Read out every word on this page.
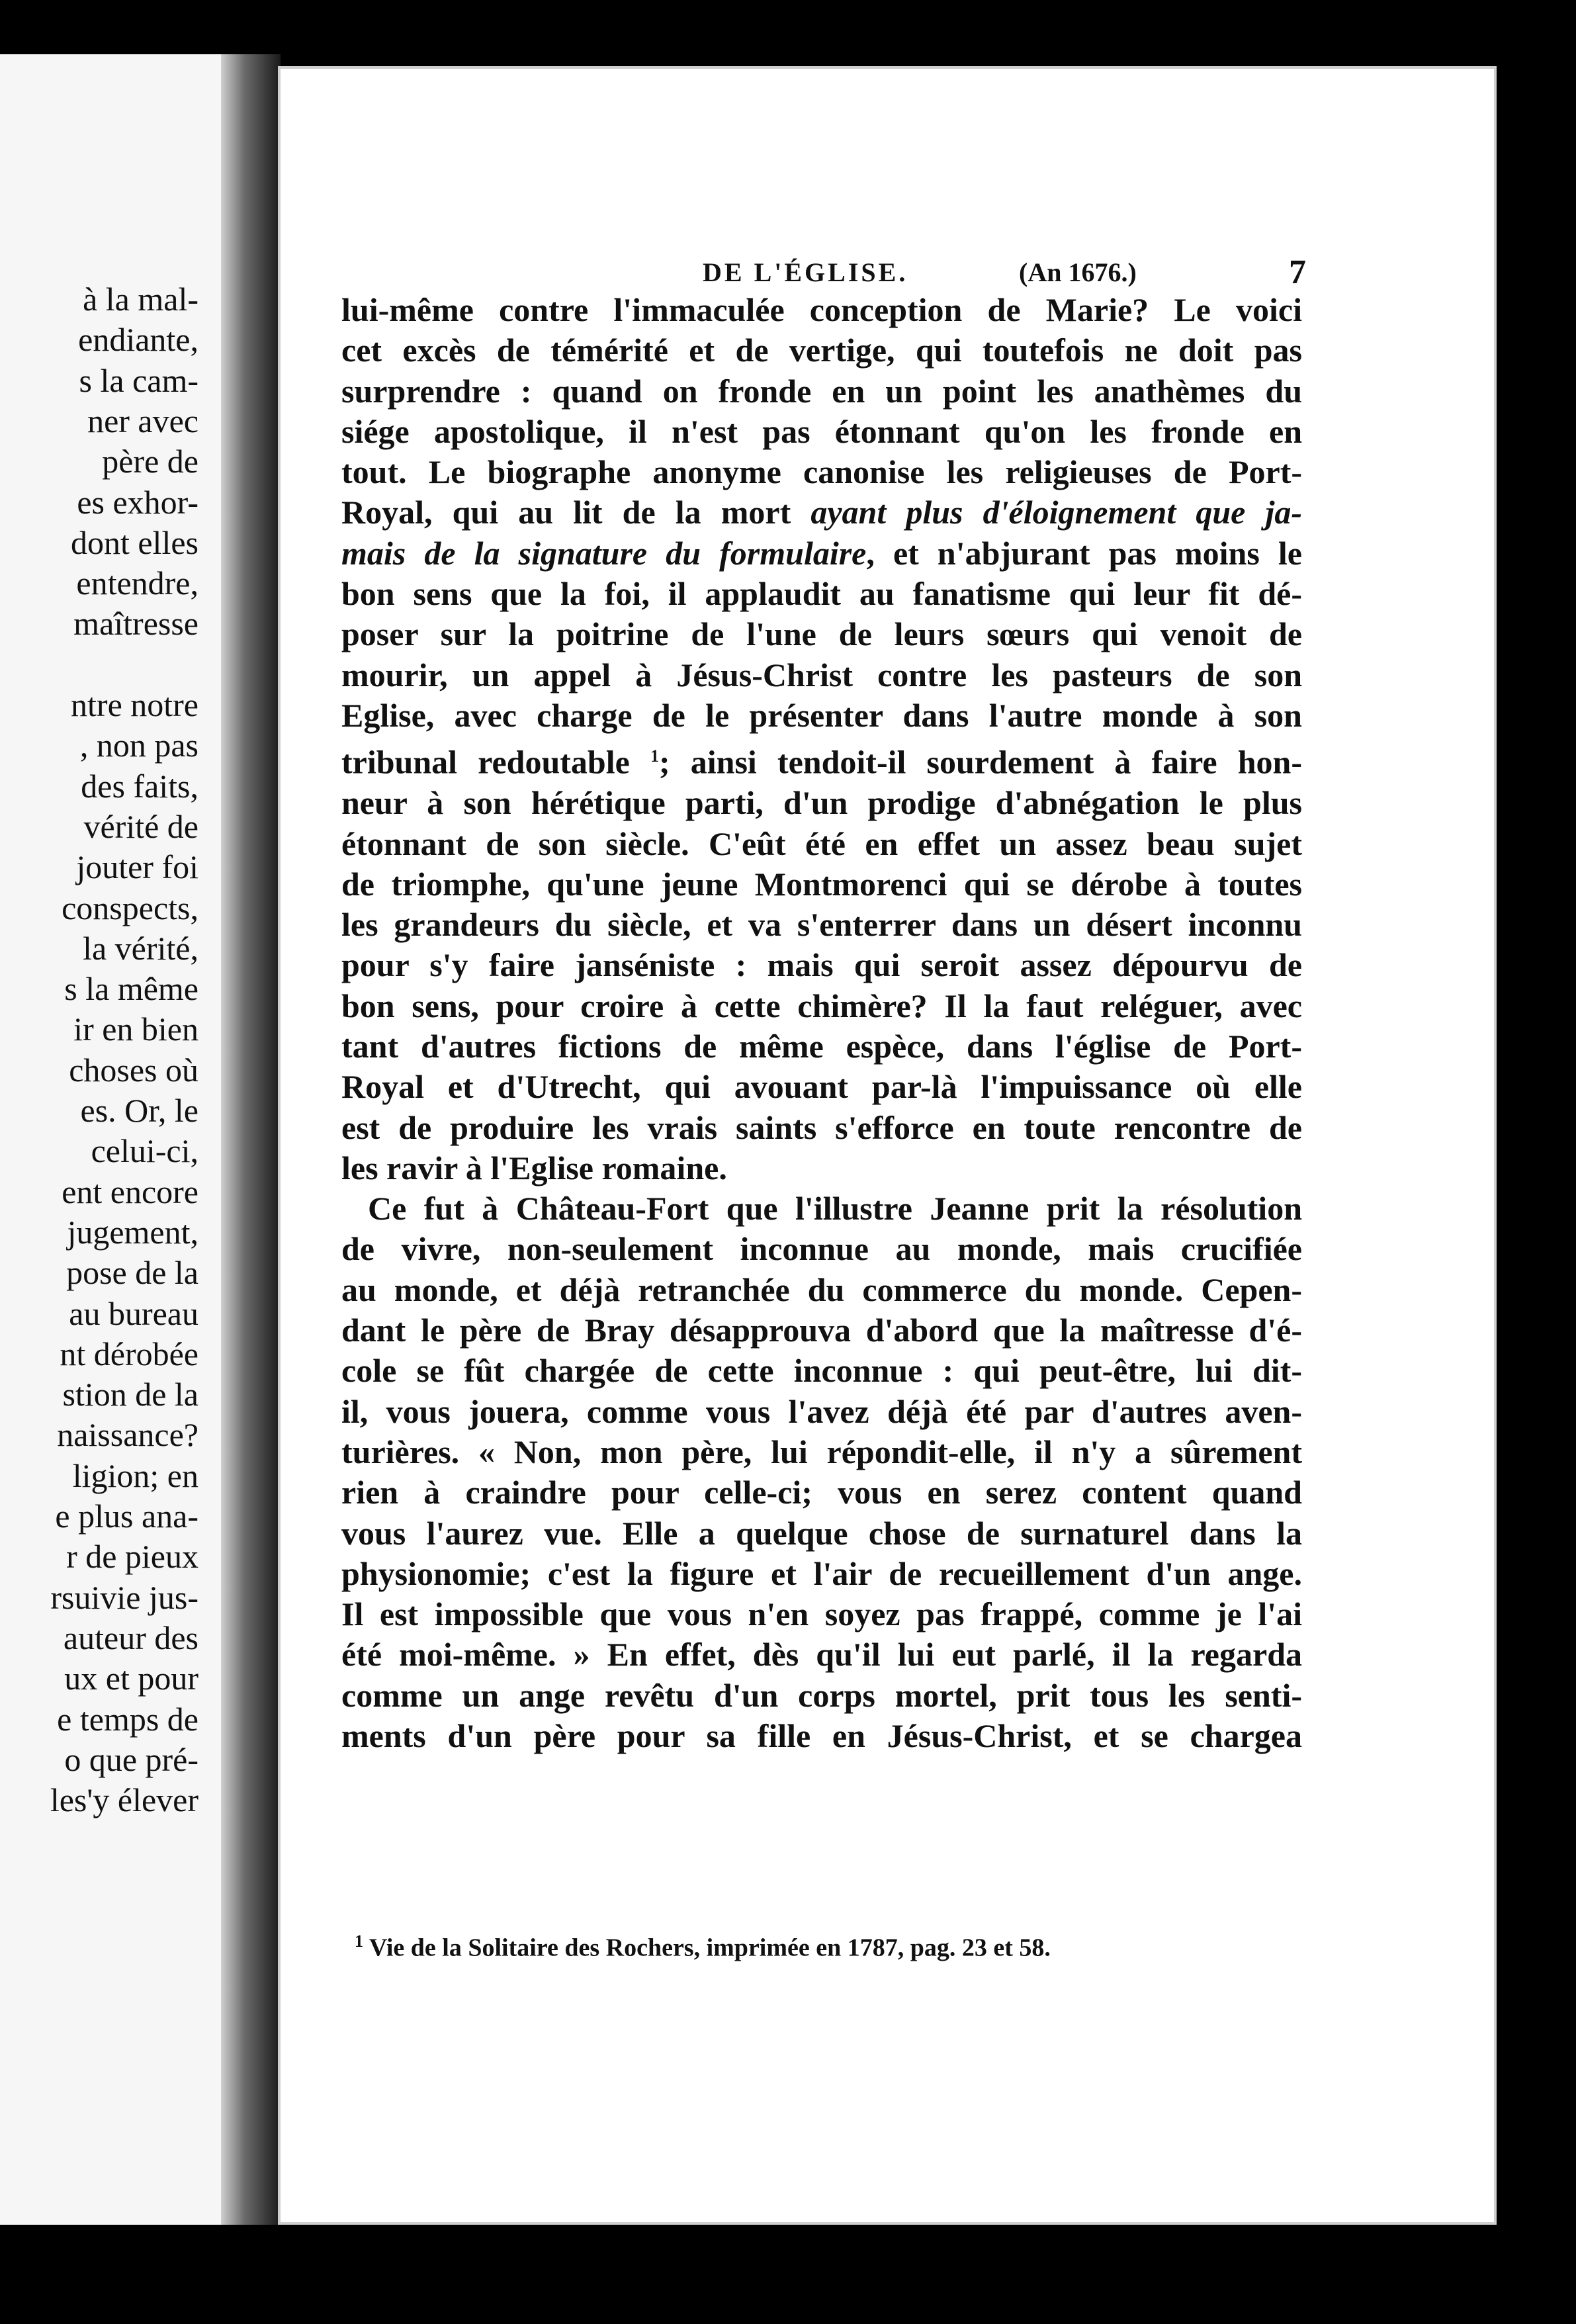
à la mal-
endiante,
s la cam-
ner avec
père de
es exhor-
dont elles
entendre,
maîtresse
ntre notre
, non pas
des faits,
vérité de
jouter foi
conspects,
la vérité,
s la même
ir en bien
choses où
es. Or, le
celui-ci,
ent encore
jugement,
pose de la
au bureau
nt dérobée
stion de la
naissance?
ligion; en
e plus ana-
r de pieux
rsuivie jus-
auteur des
ux et pour
e temps de
o que pré-
les'y élever
DE L'ÉGLISE.	(An 1676.)	7
lui-même contre l'immaculée conception de Marie? Le voici
cet excès de témérité et de vertige, qui toutefois ne doit pas
surprendre : quand on fronde en un point les anathèmes du
siége apostolique, il n'est pas étonnant qu'on les fronde en
tout. Le biographe anonyme canonise les religieuses de Port-
Royal, qui au lit de la mort ayant plus d'éloignement que ja-
mais de la signature du formulaire, et n'abjurant pas moins le
bon sens que la foi, il applaudit au fanatisme qui leur fit dé-
poser sur la poitrine de l'une de leurs sœurs qui venoit de
mourir, un appel à Jésus-Christ contre les pasteurs de son
Eglise, avec charge de le présenter dans l'autre monde à son
tribunal redoutable $^1$; ainsi tendoit-il sourdement à faire hon-
neur à son hérétique parti, d'un prodige d'abnégation le plus
étonnant de son siècle. C'eût été en effet un assez beau sujet
de triomphe, qu'une jeune Montmorenci qui se dérobe à toutes
les grandeurs du siècle, et va s'enterrer dans un désert inconnu
pour s'y faire janséniste : mais qui seroit assez dépourvu de
bon sens, pour croire à cette chimère? Il la faut reléguer, avec
tant d'autres fictions de même espèce, dans l'église de Port-
Royal et d'Utrecht, qui avouant par-là l'impuissance où elle
est de produire les vrais saints s'efforce en toute rencontre de
les ravir à l'Eglise romaine.
Ce fut à Château-Fort que l'illustre Jeanne prit la résolution
de vivre, non-seulement inconnue au monde, mais crucifiée
au monde, et déjà retranchée du commerce du monde. Cepen-
dant le père de Bray désapprouva d'abord que la maîtresse d'é-
cole se fût chargée de cette inconnue : qui peut-être, lui dit-
il, vous jouera, comme vous l'avez déjà été par d'autres aven-
turières. « Non, mon père, lui répondit-elle, il n'y a sûrement
rien à craindre pour celle-ci; vous en serez content quand
vous l'aurez vue. Elle a quelque chose de surnaturel dans la
physionomie; c'est la figure et l'air de recueillement d'un ange.
Il est impossible que vous n'en soyez pas frappé, comme je l'ai
été moi-même. » En effet, dès qu'il lui eut parlé, il la regarda
comme un ange revêtu d'un corps mortel, prit tous les senti-
ments d'un père pour sa fille en Jésus-Christ, et se chargea
$^1$ Vie de la Solitaire des Rochers, imprimée en 1787, pag. 23 et 58.
